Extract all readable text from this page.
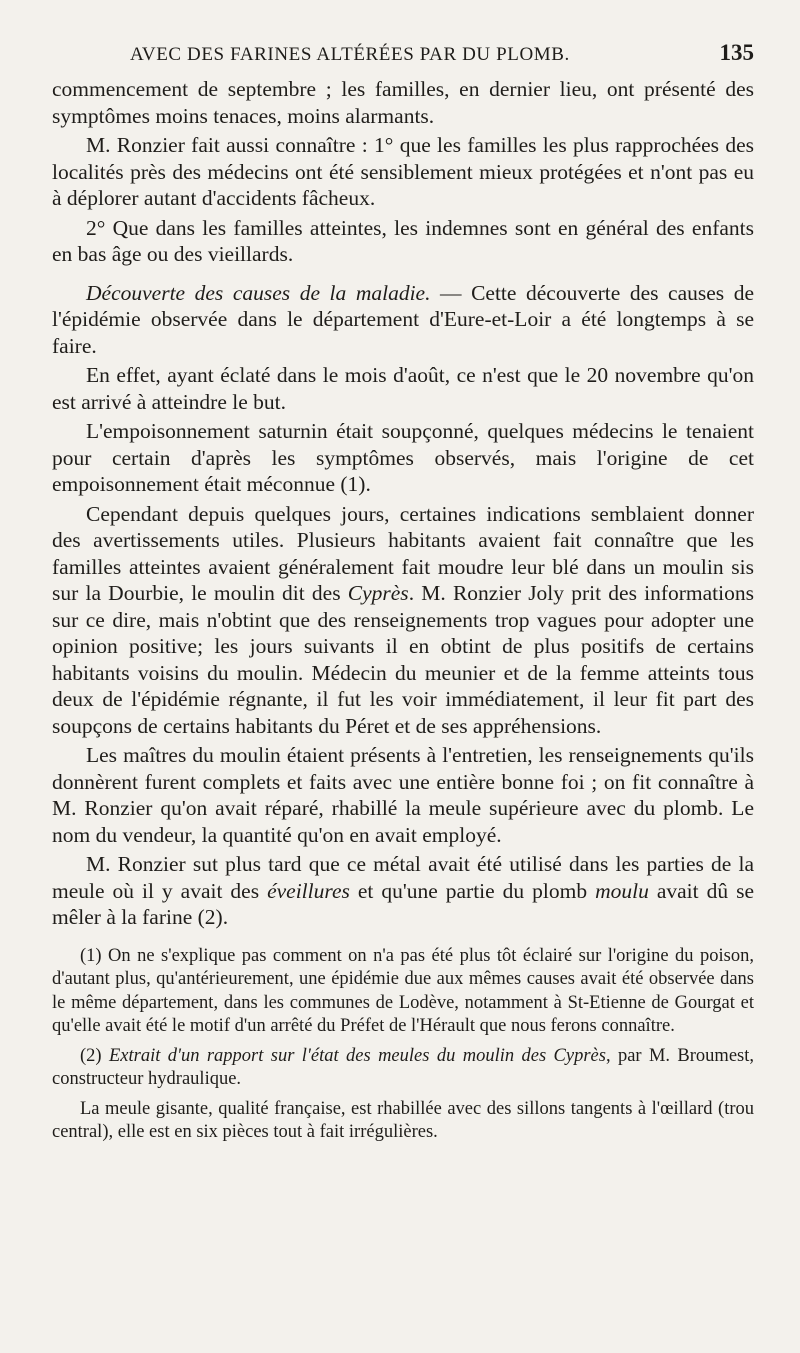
AVEC DES FARINES ALTÉRÉES PAR DU PLOMB.	135

commencement de septembre ; les familles, en dernier lieu, ont présenté des symptômes moins tenaces, moins alarmants.

M. Ronzier fait aussi connaître : 1° que les familles les plus rapprochées des localités près des médecins ont été sensiblement mieux protégées et n'ont pas eu à déplorer autant d'accidents fâcheux.

2° Que dans les familles atteintes, les indemnes sont en général des enfants en bas âge ou des vieillards.

Découverte des causes de la maladie. — Cette découverte des causes de l'épidémie observée dans le département d'Eure-et-Loir a été longtemps à se faire.

En effet, ayant éclaté dans le mois d'août, ce n'est que le 20 novembre qu'on est arrivé à atteindre le but.

L'empoisonnement saturnin était soupçonné, quelques médecins le tenaient pour certain d'après les symptômes observés, mais l'origine de cet empoisonnement était méconnue (1).

Cependant depuis quelques jours, certaines indications semblaient donner des avertissements utiles. Plusieurs habitants avaient fait connaître que les familles atteintes avaient généralement fait moudre leur blé dans un moulin sis sur la Dourbie, le moulin dit des Cyprès. M. Ronzier Joly prit des informations sur ce dire, mais n'obtint que des renseignements trop vagues pour adopter une opinion positive; les jours suivants il en obtint de plus positifs de certains habitants voisins du moulin. Médecin du meunier et de la femme atteints tous deux de l'épidémie régnante, il fut les voir immédiatement, il leur fit part des soupçons de certains habitants du Péret et de ses appréhensions.

Les maîtres du moulin étaient présents à l'entretien, les renseignements qu'ils donnèrent furent complets et faits avec une entière bonne foi ; on fit connaître à M. Ronzier qu'on avait réparé, rhabillé la meule supérieure avec du plomb. Le nom du vendeur, la quantité qu'on en avait employé.

M. Ronzier sut plus tard que ce métal avait été utilisé dans les parties de la meule où il y avait des éveillures et qu'une partie du plomb moulu avait dû se mêler à la farine (2).

(1) On ne s'explique pas comment on n'a pas été plus tôt éclairé sur l'origine du poison, d'autant plus, qu'antérieurement, une épidémie due aux mêmes causes avait été observée dans le même département, dans les communes de Lodève, notamment à St-Etienne de Gourgat et qu'elle avait été le motif d'un arrêté du Préfet de l'Hérault que nous ferons connaître.

(2) Extrait d'un rapport sur l'état des meules du moulin des Cyprès, par M. Broumest, constructeur hydraulique.

La meule gisante, qualité française, est rhabillée avec des sillons tangents à l'œillard (trou central), elle est en six pièces tout à fait irrégulières.
